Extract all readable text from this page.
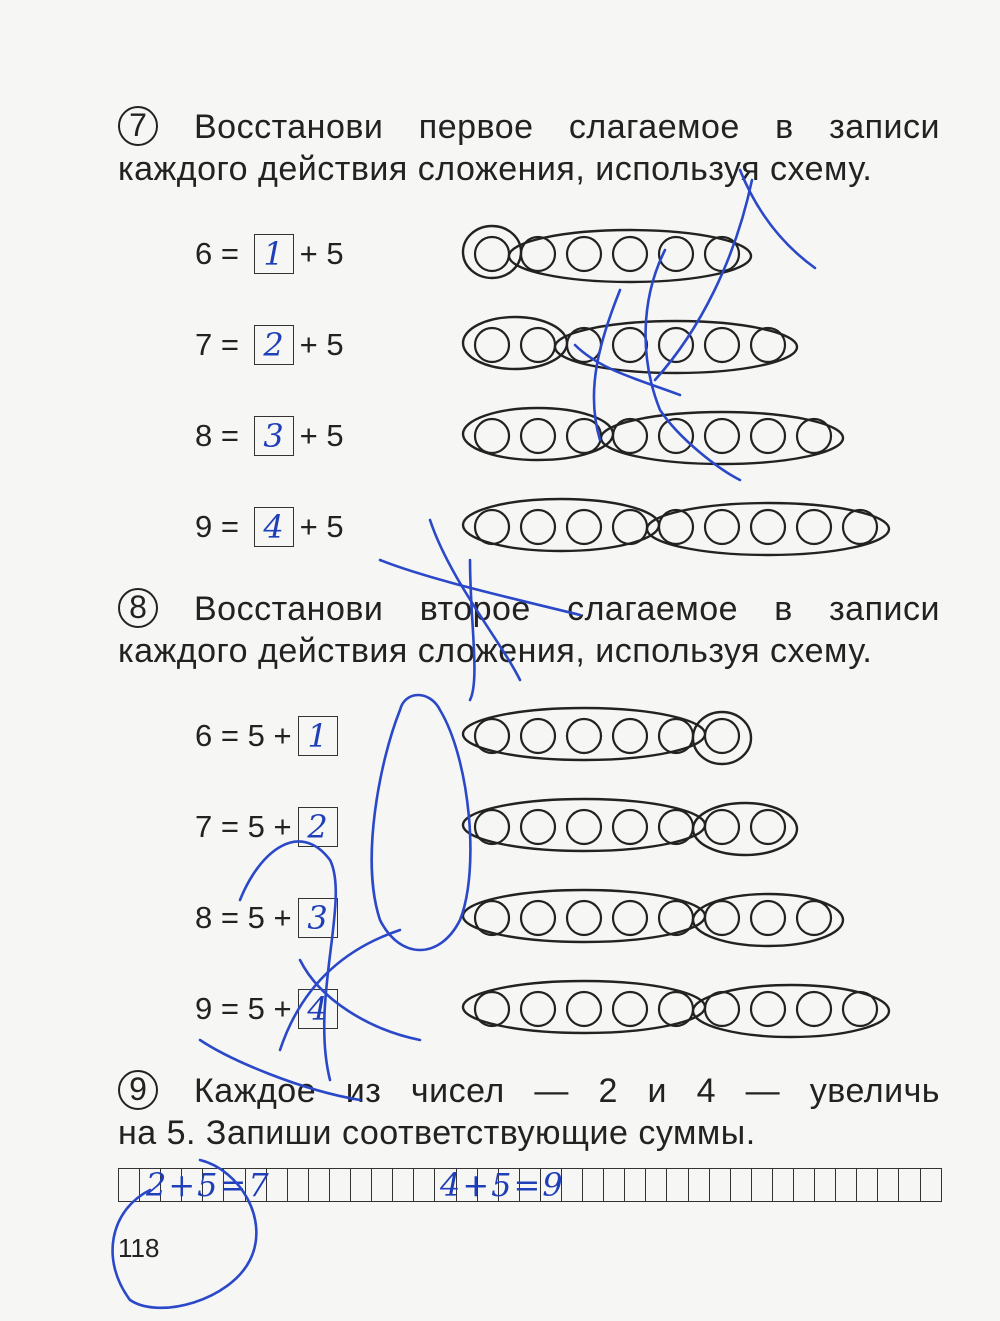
7	Восстанови первое слагаемое в записи
каждого действия сложения, используя схему.
6 = 1 + 5
7 = 2 + 5
8 = 3 + 5
9 = 4 + 5
8	Восстанови второе слагаемое в записи
каждого действия сложения, используя схему.
6 = 5 + 1
7 = 5 + 2
8 = 5 + 3
9 = 5 + 4
9	Каждое из чисел — 2 и 4 — увеличь
на 5. Запиши соответствующие суммы.
2+5=7	4+5=9
118
